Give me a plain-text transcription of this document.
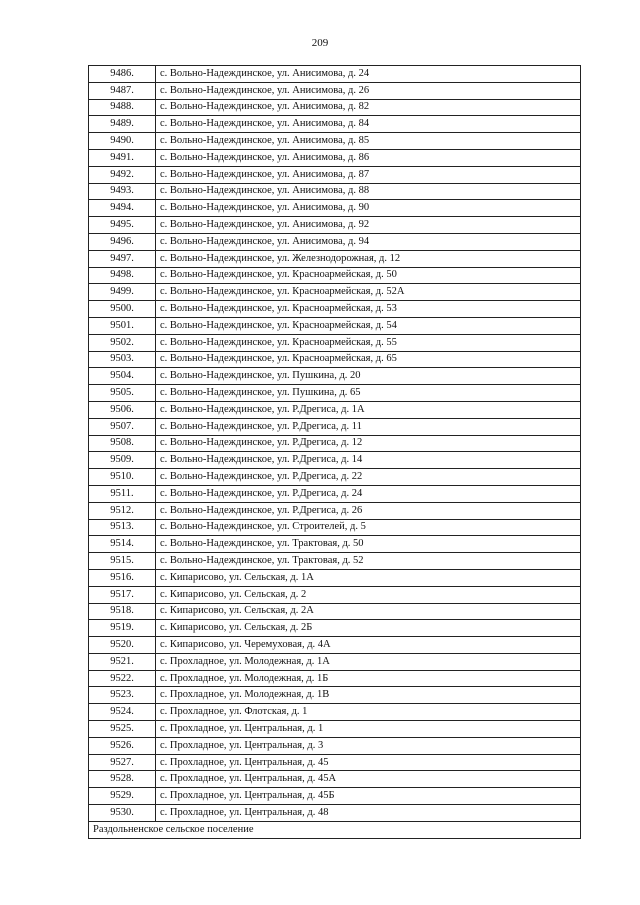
209
9486.	с. Вольно-Надеждинское, ул. Анисимова, д. 24
9487.	с. Вольно-Надеждинское, ул. Анисимова, д. 26
9488.	с. Вольно-Надеждинское, ул. Анисимова, д. 82
9489.	с. Вольно-Надеждинское, ул. Анисимова, д. 84
9490.	с. Вольно-Надеждинское, ул. Анисимова, д. 85
9491.	с. Вольно-Надеждинское, ул. Анисимова, д. 86
9492.	с. Вольно-Надеждинское, ул. Анисимова, д. 87
9493.	с. Вольно-Надеждинское, ул. Анисимова, д. 88
9494.	с. Вольно-Надеждинское, ул. Анисимова, д. 90
9495.	с. Вольно-Надеждинское, ул. Анисимова, д. 92
9496.	с. Вольно-Надеждинское, ул. Анисимова, д. 94
9497.	с. Вольно-Надеждинское, ул. Железнодорожная, д. 12
9498.	с. Вольно-Надеждинское, ул. Красноармейская, д. 50
9499.	с. Вольно-Надеждинское, ул. Красноармейская, д. 52А
9500.	с. Вольно-Надеждинское, ул. Красноармейская, д. 53
9501.	с. Вольно-Надеждинское, ул. Красноармейская, д. 54
9502.	с. Вольно-Надеждинское, ул. Красноармейская, д. 55
9503.	с. Вольно-Надеждинское, ул. Красноармейская, д. 65
9504.	с. Вольно-Надеждинское, ул. Пушкина, д. 20
9505.	с. Вольно-Надеждинское, ул. Пушкина, д. 65
9506.	с. Вольно-Надеждинское, ул. Р.Дрегиса, д. 1А
9507.	с. Вольно-Надеждинское, ул. Р.Дрегиса, д. 11
9508.	с. Вольно-Надеждинское, ул. Р.Дрегиса, д. 12
9509.	с. Вольно-Надеждинское, ул. Р.Дрегиса, д. 14
9510.	с. Вольно-Надеждинское, ул. Р.Дрегиса, д. 22
9511.	с. Вольно-Надеждинское, ул. Р.Дрегиса, д. 24
9512.	с. Вольно-Надеждинское, ул. Р.Дрегиса, д. 26
9513.	с. Вольно-Надеждинское, ул. Строителей, д. 5
9514.	с. Вольно-Надеждинское, ул. Трактовая, д. 50
9515.	с. Вольно-Надеждинское, ул. Трактовая, д. 52
9516.	с. Кипарисово, ул. Сельская, д. 1А
9517.	с. Кипарисово, ул. Сельская, д. 2
9518.	с. Кипарисово, ул. Сельская, д. 2А
9519.	с. Кипарисово, ул. Сельская, д. 2Б
9520.	с. Кипарисово, ул. Черемуховая, д. 4А
9521.	с. Прохладное, ул. Молодежная, д. 1А
9522.	с. Прохладное, ул. Молодежная, д. 1Б
9523.	с. Прохладное, ул. Молодежная, д. 1В
9524.	с. Прохладное, ул. Флотская, д. 1
9525.	с. Прохладное, ул. Центральная, д. 1
9526.	с. Прохладное, ул. Центральная, д. 3
9527.	с. Прохладное, ул. Центральная, д. 45
9528.	с. Прохладное, ул. Центральная, д. 45А
9529.	с. Прохладное, ул. Центральная, д. 45Б
9530.	с. Прохладное, ул. Центральная, д. 48
Раздольненское сельское поселение	
